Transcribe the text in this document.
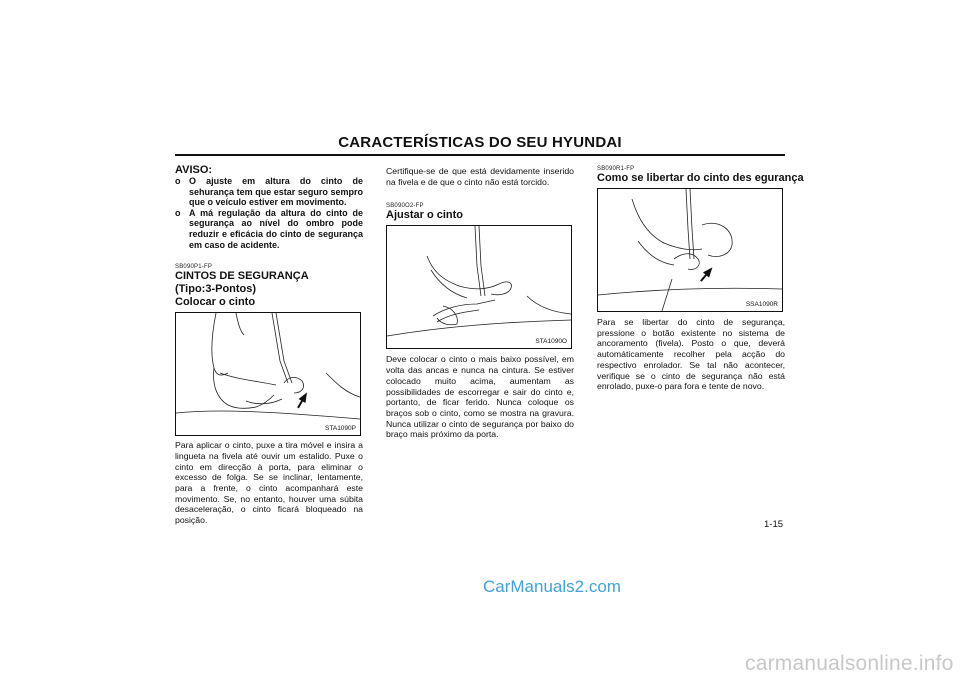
CARACTERÍSTICAS DO SEU HYUNDAI
AVISO:
o O ajuste em altura do cinto de sehurança tem que estar seguro sempro que o veículo estiver em movimento.
o A má regulação da altura do cinto de segurança ao nível do ombro pode reduzir e eficácia do cinto de segurança em caso de acidente.
SB090P1-FP
CINTOS DE SEGURANÇA
(Tipo:3-Pontos)
Colocar o cinto
STA1090P
Para aplicar o cinto, puxe a tira móvel e insira a lingueta na fivela até ouvir um estalido. Puxe o cinto em direcção à porta, para eliminar o excesso de folga. Se se inclinar, lentamente, para a frente, o cinto acompanhará este movimento. Se, no entanto, houver uma súbita desaceleração, o cinto ficará bloqueado na posição.
Certifique-se de que está devidamente inserido na fivela e de que o cinto não está torcido.
SB090O2-FP
Ajustar o cinto
STA1090O
Deve colocar o cinto o mais baixo possível, em volta das ancas e nunca na cintura. Se estiver colocado muito acima, aumentam as possibilidades de escorregar e sair do cinto e, portanto, de ficar ferido. Nunca coloque os braços sob o cinto, como se mostra na gravura. Nunca utilizar o cinto de segurança por baixo do braço mais próximo da porta.
SB090R1-FP
Como se libertar do cinto des egurança
SSA1090R
Para se libertar do cinto de segurança, pressione o botão existente no sistema de ancoramento (fivela). Posto o que, deverá automáticamente recolher pela acção do respectivo enrolador. Se tal não acontecer, verifique se o cinto de segurança não está enrolado, puxe-o para fora e tente de novo.
1-15
CarManuals2.com
carmanualsonline.info
